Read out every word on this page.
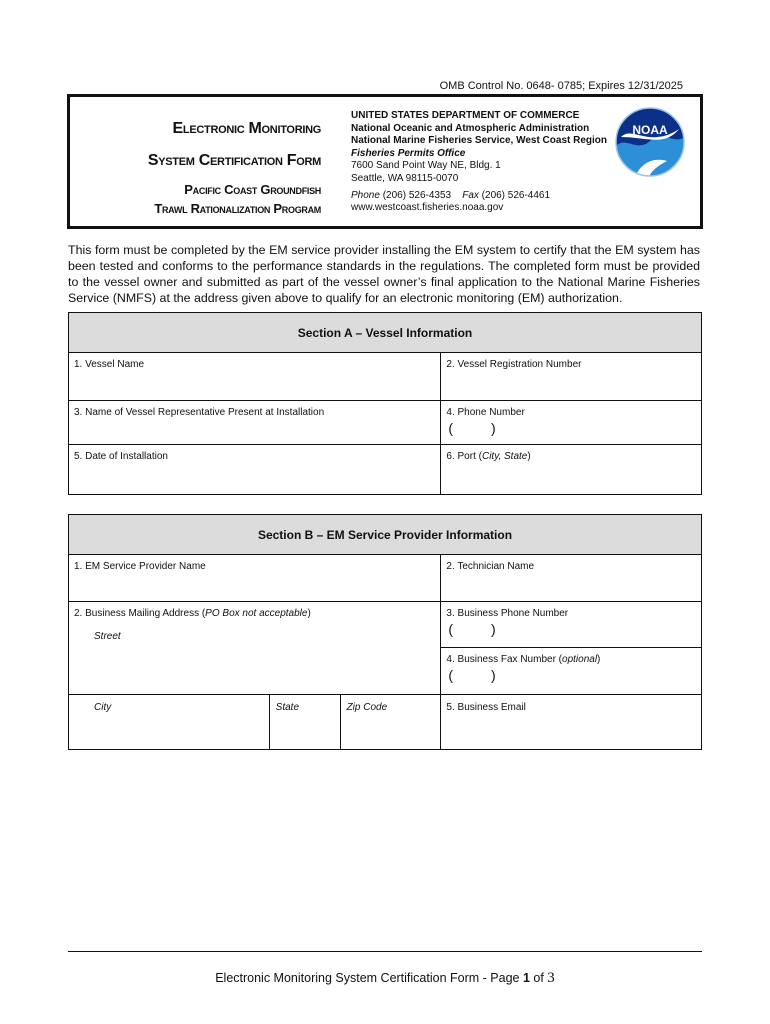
OMB Control No. 0648- 0785; Expires 12/31/2025
Electronic Monitoring
System Certification Form
Pacific Coast Groundfish
Trawl Rationalization Program
UNITED STATES DEPARTMENT OF COMMERCE
National Oceanic and Atmospheric Administration
National Marine Fisheries Service, West Coast Region
Fisheries Permits Office
7600 Sand Point Way NE, Bldg. 1
Seattle, WA 98115-0070
Phone (206) 526-4353 Fax (206) 526-4461
www.westcoast.fisheries.noaa.gov
NOAA
This form must be completed by the EM service provider installing the EM system to certify that the EM system has been tested and conforms to the performance standards in the regulations. The completed form must be provided to the vessel owner and submitted as part of the vessel owner’s final application to the National Marine Fisheries Service (NMFS) at the address given above to qualify for an electronic monitoring (EM) authorization.
Section A – Vessel Information	

1. Vessel Name	2. Vessel Registration Number

3. Name of Vessel Representative Present at Installation	4. Phone Number
( )

5. Date of Installation	6. Port (City, State)
Section B – EM Service Provider Information			

1. EM Service Provider Name			2. Technician Name

2. Business Mailing Address (PO Box not acceptable)
Street			3. Business Phone Number
( )

			4. Business Fax Number (optional)
( )

City	State	Zip Code	5. Business Email
Electronic Monitoring System Certification Form - Page 1 of 3
